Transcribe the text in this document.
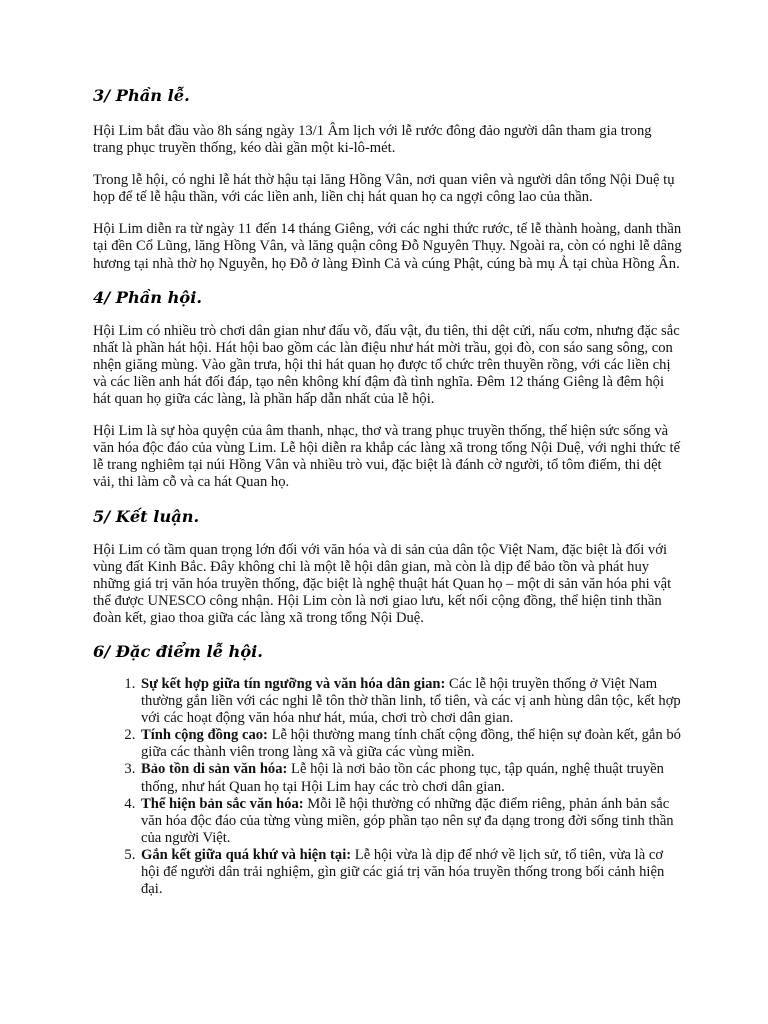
3/ Phần lễ.

Hội Lim bắt đầu vào 8h sáng ngày 13/1 Âm lịch với lễ rước đông đảo người dân tham gia trong trang phục truyền thống, kéo dài gần một ki-lô-mét.

Trong lễ hội, có nghi lễ hát thờ hậu tại lăng Hồng Vân, nơi quan viên và người dân tổng Nội Duệ tụ họp để tế lễ hậu thần, với các liền anh, liền chị hát quan họ ca ngợi công lao của thần.

Hội Lim diễn ra từ ngày 11 đến 14 tháng Giêng, với các nghi thức rước, tế lễ thành hoàng, danh thần tại đền Cổ Lũng, lăng Hồng Vân, và lăng quận công Đỗ Nguyên Thụy. Ngoài ra, còn có nghi lễ dâng hương tại nhà thờ họ Nguyễn, họ Đỗ ở làng Đình Cả và cúng Phật, cúng bà mụ Ả tại chùa Hồng Ân.

4/ Phần hội.

Hội Lim có nhiều trò chơi dân gian như đấu võ, đấu vật, đu tiên, thi dệt cửi, nấu cơm, nhưng đặc sắc nhất là phần hát hội. Hát hội bao gồm các làn điệu như hát mời trầu, gọi đò, con sáo sang sông, con nhện giăng mùng. Vào gần trưa, hội thi hát quan họ được tổ chức trên thuyền rồng, với các liền chị và các liền anh hát đối đáp, tạo nên không khí đậm đà tình nghĩa. Đêm 12 tháng Giêng là đêm hội hát quan họ giữa các làng, là phần hấp dẫn nhất của lễ hội.

Hội Lim là sự hòa quyện của âm thanh, nhạc, thơ và trang phục truyền thống, thể hiện sức sống và văn hóa độc đáo của vùng Lim. Lễ hội diễn ra khắp các làng xã trong tổng Nội Duệ, với nghi thức tế lễ trang nghiêm tại núi Hồng Vân và nhiều trò vui, đặc biệt là đánh cờ người, tổ tôm điếm, thi dệt vải, thi làm cỗ và ca hát Quan họ.

5/ Kết luận.

Hội Lim có tầm quan trọng lớn đối với văn hóa và di sản của dân tộc Việt Nam, đặc biệt là đối với vùng đất Kinh Bắc. Đây không chỉ là một lễ hội dân gian, mà còn là dịp để bảo tồn và phát huy những giá trị văn hóa truyền thống, đặc biệt là nghệ thuật hát Quan họ – một di sản văn hóa phi vật thể được UNESCO công nhận. Hội Lim còn là nơi giao lưu, kết nối cộng đồng, thể hiện tinh thần đoàn kết, giao thoa giữa các làng xã trong tổng Nội Duệ.

6/ Đặc điểm lễ hội.
1. Sự kết hợp giữa tín ngưỡng và văn hóa dân gian: Các lễ hội truyền thống ở Việt Nam thường gắn liền với các nghi lễ tôn thờ thần linh, tổ tiên, và các vị anh hùng dân tộc, kết hợp với các hoạt động văn hóa như hát, múa, chơi trò chơi dân gian.
2. Tính cộng đồng cao: Lễ hội thường mang tính chất cộng đồng, thể hiện sự đoàn kết, gắn bó giữa các thành viên trong làng xã và giữa các vùng miền.
3. Bảo tồn di sản văn hóa: Lễ hội là nơi bảo tồn các phong tục, tập quán, nghệ thuật truyền thống, như hát Quan họ tại Hội Lim hay các trò chơi dân gian.
4. Thể hiện bản sắc văn hóa: Mỗi lễ hội thường có những đặc điểm riêng, phản ánh bản sắc văn hóa độc đáo của từng vùng miền, góp phần tạo nên sự đa dạng trong đời sống tinh thần của người Việt.
5. Gắn kết giữa quá khứ và hiện tại: Lễ hội vừa là dịp để nhớ về lịch sử, tổ tiên, vừa là cơ hội để người dân trải nghiệm, gìn giữ các giá trị văn hóa truyền thống trong bối cảnh hiện đại.
